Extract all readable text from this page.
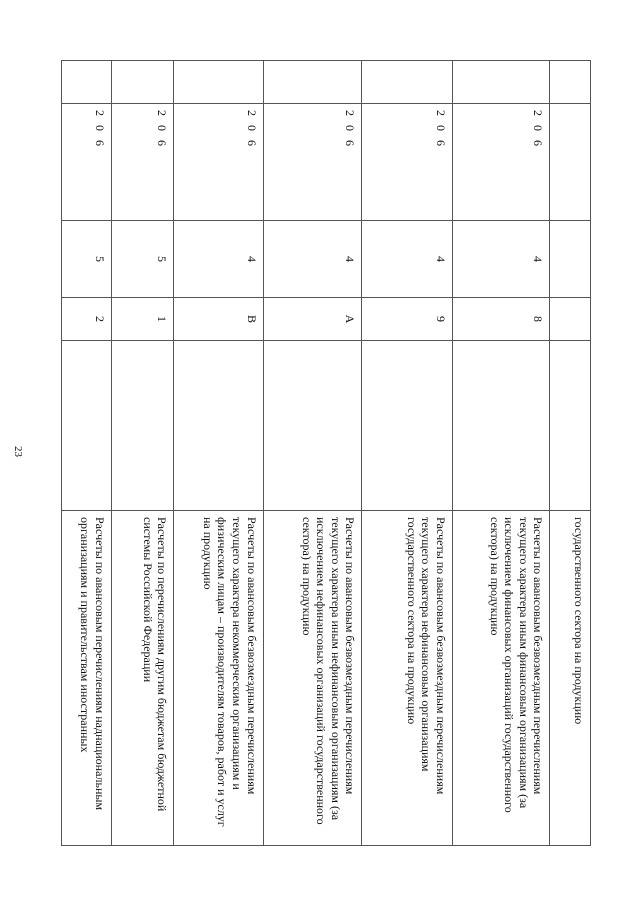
23
					государственного сектора на продукцию
	2 0 6	4	8		Расчеты по авансовым безвозмездным перечислениям текущего характера иным финансовым организациям (за исключением финансовых организаций государственного сектора) на продукцию
	2 0 6	4	9		Расчеты по авансовым безвозмездным перечислениям текущего характера нефинансовым организациям государственного сектора на продукцию
	2 0 6	4	А		Расчеты по авансовым безвозмездным перечислениям текущего характера иным нефинансовым организациям (за исключением нефинансовых организаций государственного сектора) на продукцию
	2 0 6	4	В		Расчеты по авансовым безвозмездным перечислениям текущего характера некоммерческим организациям и физическим лицам – производителям товаров, работ и услуг на продукцию
	2 0 6	5	1		Расчеты по перечислениям другим бюджетам бюджетной системы Российской Федерации
	2 0 6	5	2		Расчеты по авансовым перечислениям наднациональным организациям и правительствам иностранных
